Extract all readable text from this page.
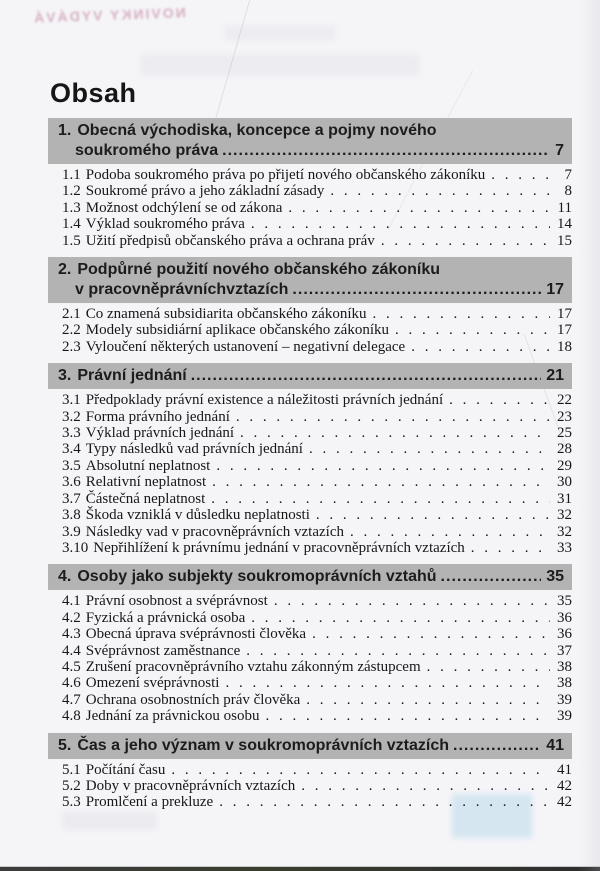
NOVINKY VYDÁVÁ
Obsah
1. Obecná východiska, koncepce a pojmy nového
soukromého práva .....	7
1.1 Podoba soukromého práva po přijetí nového občanského zákoníku . . .	7
1.2 Soukromé právo a jeho základní zásady . . .	8
1.3 Možnost odchýlení se od zákona . . .	11
1.4 Výklad soukromého práva . . .	14
1.5 Užití předpisů občanského práva a ochrana práv . . .	15
2. Podpůrné použití nového občanského zákoníku
v pracovněprávníchvztazích .....	17
2.1 Co znamená subsidiarita občanského zákoníku . . .	17
2.2 Modely subsidiární aplikace občanského zákoníku . . .	17
2.3 Vyloučení některých ustanovení – negativní delegace . . .	18
3. Právní jednání .....	21
3.1 Předpoklady právní existence a náležitosti právních jednání . . .	22
3.2 Forma právního jednání . . .	23
3.3 Výklad právních jednání . . .	25
3.4 Typy následků vad právních jednání . . .	28
3.5 Absolutní neplatnost . . .	29
3.6 Relativní neplatnost . . .	30
3.7 Částečná neplatnost . . .	31
3.8 Škoda vzniklá v důsledku neplatnosti . . .	32
3.9 Následky vad v pracovněprávních vztazích . . .	32
3.10 Nepřihlížení k právnímu jednání v pracovněprávních vztazích . . .	33
4. Osoby jako subjekty soukromoprávních vztahů .....	35
4.1 Právní osobnost a svéprávnost . . .	35
4.2 Fyzická a právnická osoba . . .	36
4.3 Obecná úprava svéprávnosti člověka . . .	36
4.4 Svéprávnost zaměstnance . . .	37
4.5 Zrušení pracovněprávního vztahu zákonným zástupcem . . .	38
4.6 Omezení svéprávnosti . . .	38
4.7 Ochrana osobnostních práv člověka . . .	39
4.8 Jednání za právnickou osobu . . .	39
5. Čas a jeho význam v soukromoprávních vztazích .....	41
5.1 Počítání času . . .	41
5.2 Doby v pracovněprávních vztazích . . .	42
5.3 Promlčení a prekluze . . .	42
